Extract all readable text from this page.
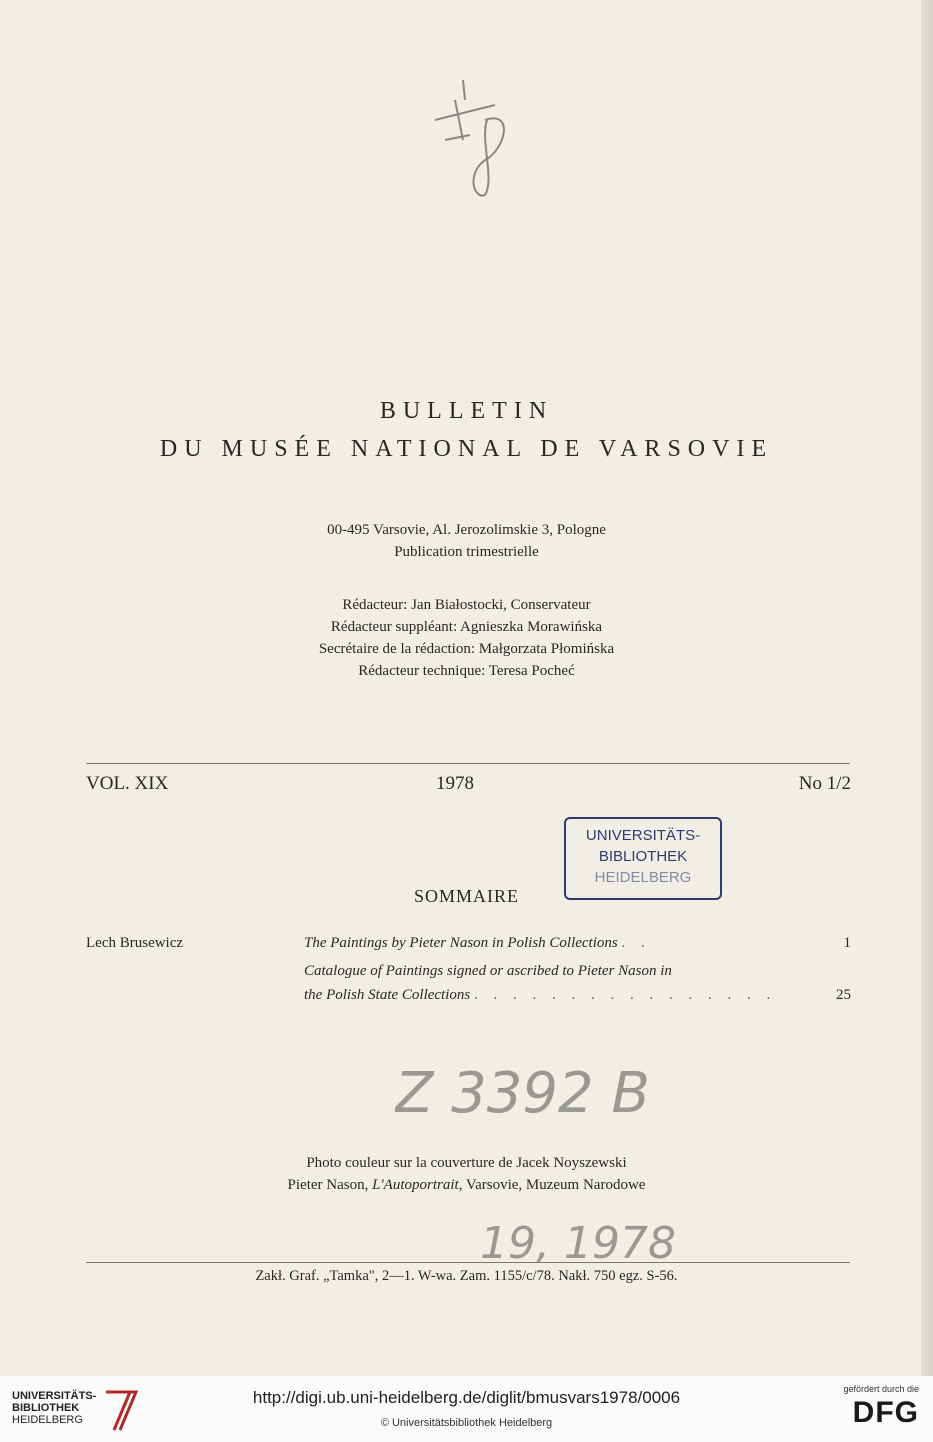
BULLETIN
DU MUSÉE NATIONAL DE VARSOVIE
00-495 Varsovie, Al. Jerozolimskie 3, Pologne
Publication trimestrielle
Rédacteur: Jan Białostocki, Conservateur
Rédacteur suppléant: Agnieszka Morawińska
Secrétaire de la rédaction: Małgorzata Płomińska
Rédacteur technique: Teresa Pocheć
VOL. XIX	1978	No 1/2
UNIVERSITÄTS-
BIBLIOTHEK
HEIDELBERG
SOMMAIRE
Lech Brusewicz	The Paintings by Pieter Nason in Polish Collections . .	1
Catalogue of Paintings signed or ascribed to Pieter Nason in
the Polish State Collections . . . . . . . . . . . . . . . .	25
Z 3392 B
Photo couleur sur la couverture de Jacek Noyszewski
Pieter Nason, L'Autoportrait, Varsovie, Muzeum Narodowe
19, 1978
Zakł. Graf. „Tamka", 2—1. W-wa. Zam. 1155/c/78. Nakł. 750 egz. S-56.
UNIVERSITÄTS-
BIBLIOTHEK
HEIDELBERG
http://digi.ub.uni-heidelberg.de/diglit/bmusvars1978/0006
© Universitätsbibliothek Heidelberg
gefördert durch die
DFG
